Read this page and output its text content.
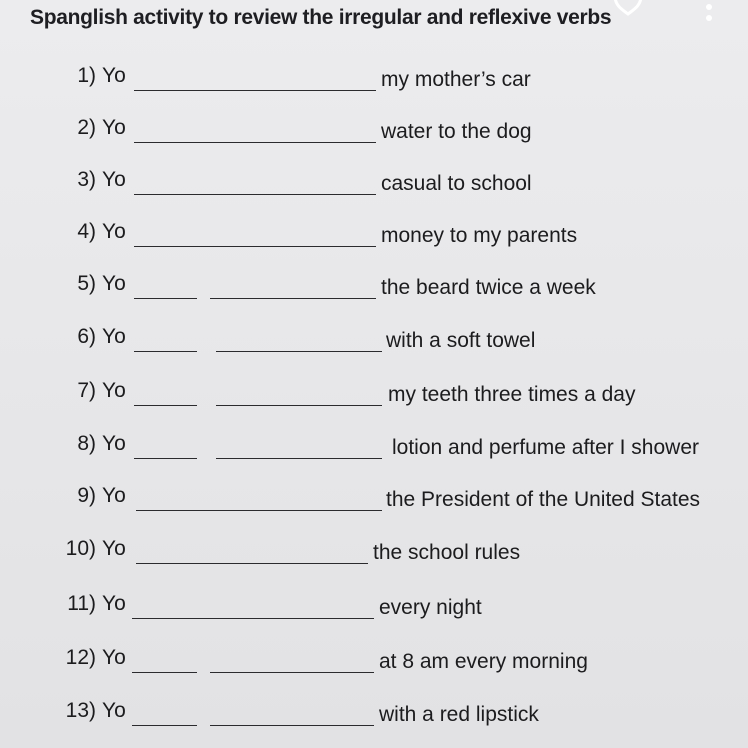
Spanglish activity to review the irregular and reflexive verbs
1) Yo	my mother’s car
2) Yo	water to the dog
3) Yo	casual to school
4) Yo	money to my parents
5) Yo	the beard twice a week
6) Yo	with a soft towel
7) Yo	my teeth three times a day
8) Yo	lotion and perfume after I shower
9) Yo	the President of the United States
10) Yo	the school rules
11) Yo	every night
12) Yo	at 8 am every morning
13) Yo	with a red lipstick
